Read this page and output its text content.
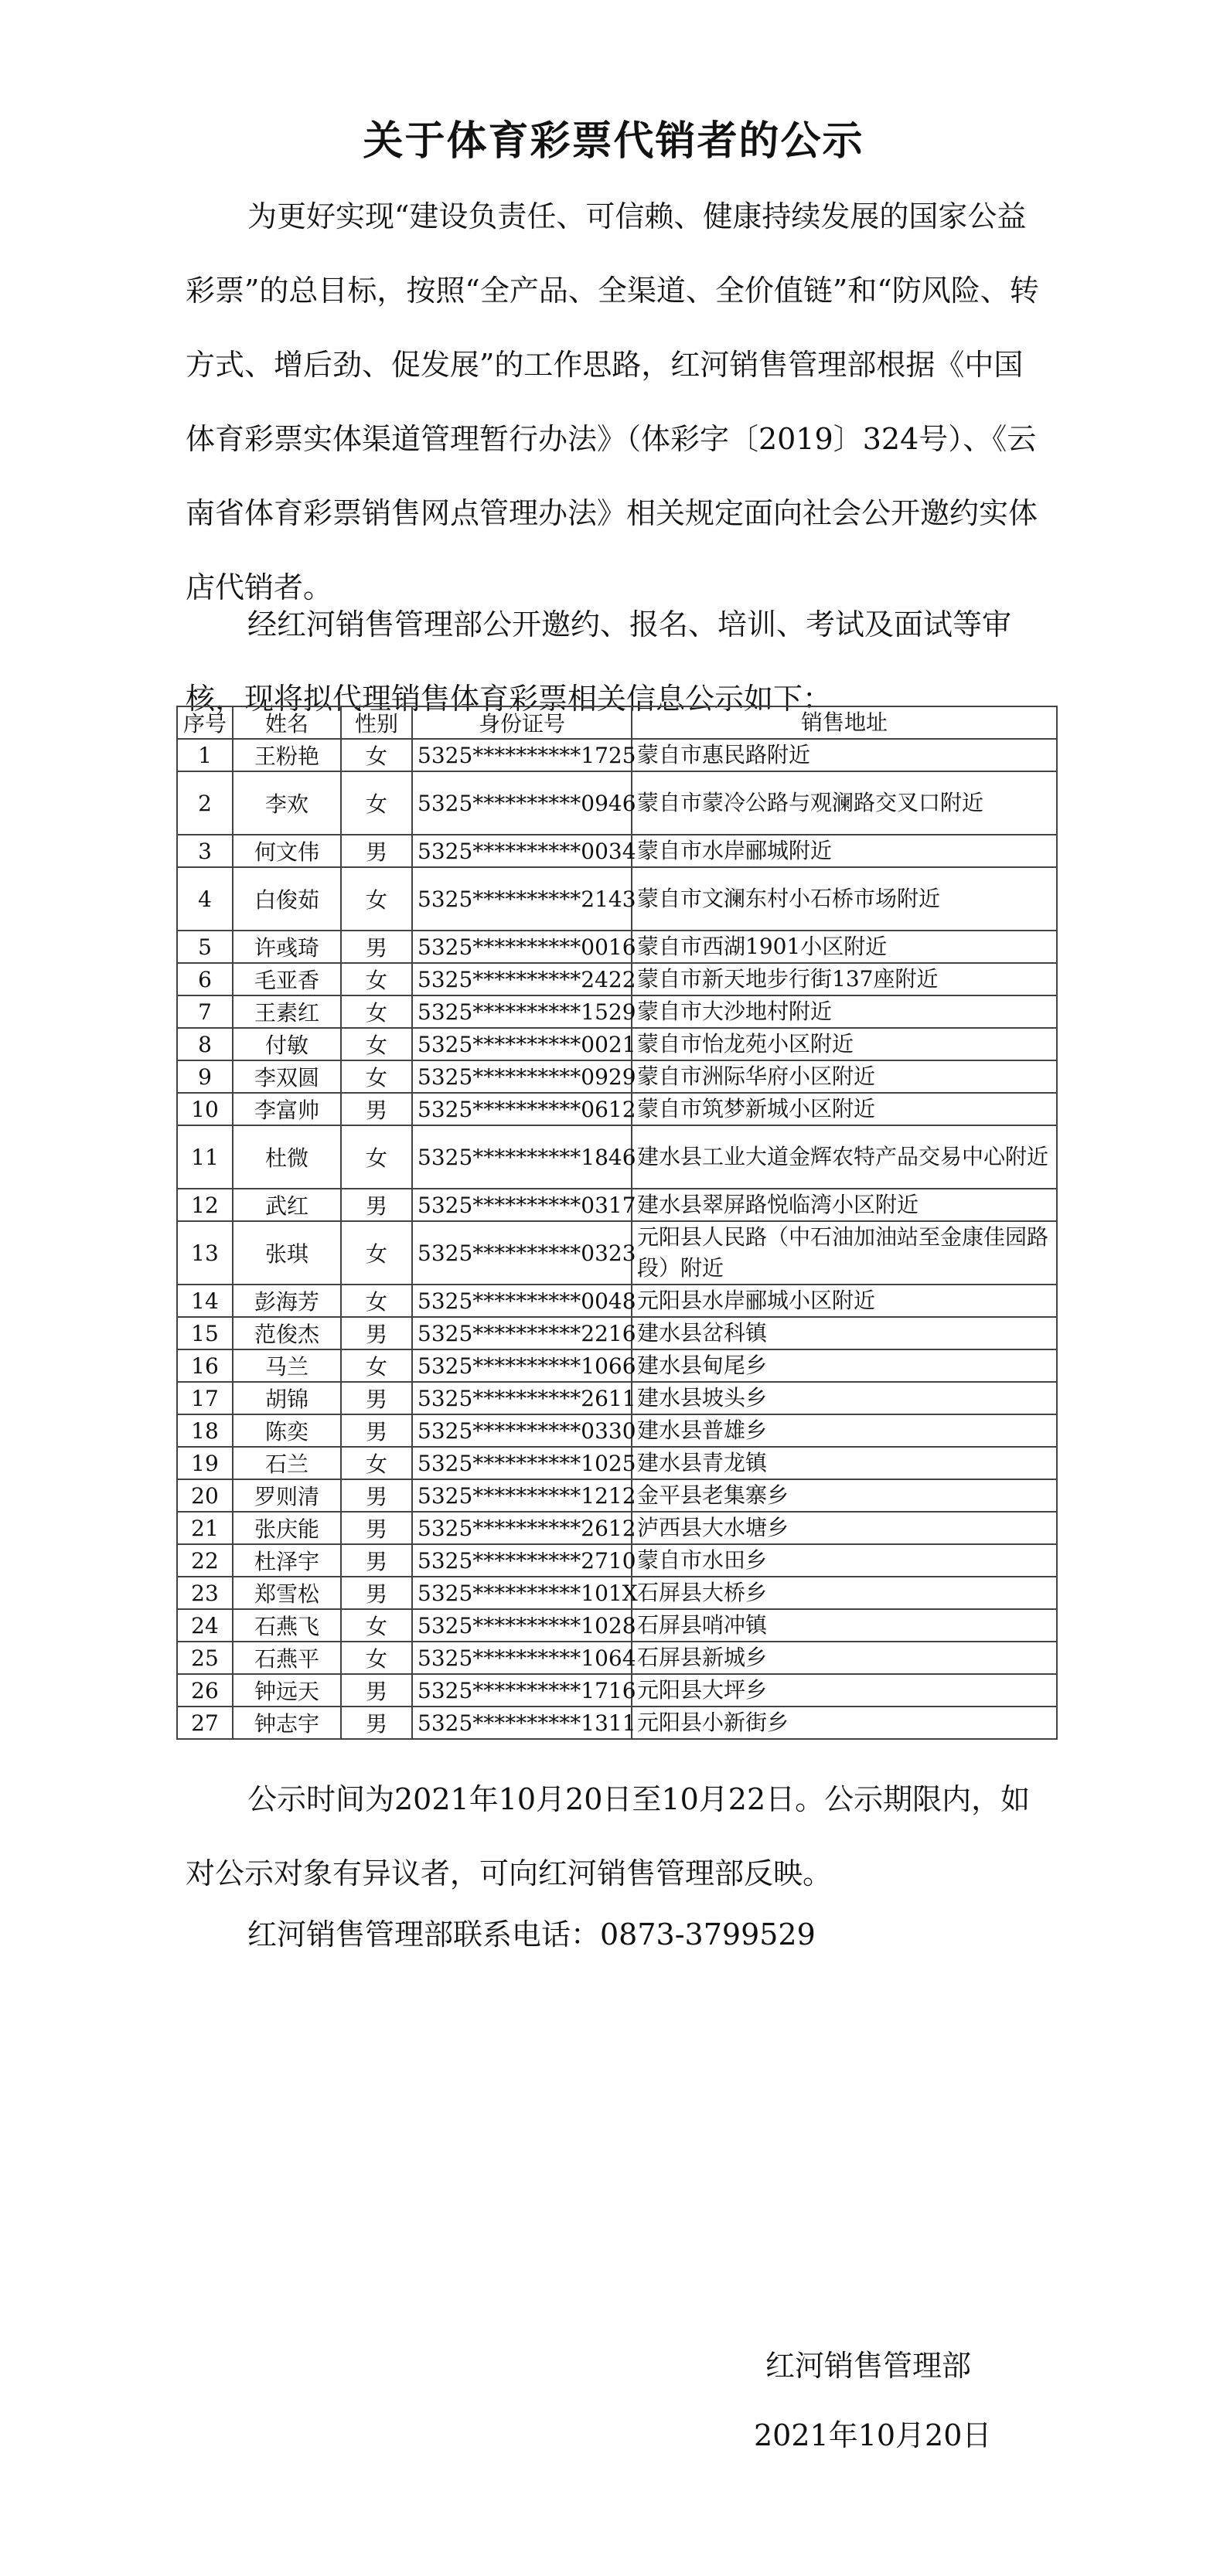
关于体育彩票代销者的公示

为更好实现“建设负责任、可信赖、健康持续发展的国家公益彩票”的总目标，按照“全产品、全渠道、全价值链”和“防风险、转方式、增后劲、促发展”的工作思路，红河销售管理部根据《中国体育彩票实体渠道管理暂行办法》（体彩字〔2019〕324号）、《云南省体育彩票销售网点管理办法》相关规定面向社会公开邀约实体店代销者。

经红河销售管理部公开邀约、报名、培训、考试及面试等审核，现将拟代理销售体育彩票相关信息公示如下：

序号	姓名	性别	身份证号	销售地址
1	王粉艳	女	5325**********1725	蒙自市惠民路附近
2	李欢	女	5325**********0946	蒙自市蒙冷公路与观澜路交叉口附近
3	何文伟	男	5325**********0034	蒙自市水岸郦城附近
4	白俊茹	女	5325**********2143	蒙自市文澜东村小石桥市场附近
5	许彧琦	男	5325**********0016	蒙自市西湖1901小区附近
6	毛亚香	女	5325**********2422	蒙自市新天地步行街137座附近
7	王素红	女	5325**********1529	蒙自市大沙地村附近
8	付敏	女	5325**********0021	蒙自市怡龙苑小区附近
9	李双圆	女	5325**********0929	蒙自市洲际华府小区附近
10	李富帅	男	5325**********0612	蒙自市筑梦新城小区附近
11	杜微	女	5325**********1846	建水县工业大道金辉农特产品交易中心附近
12	武红	男	5325**********0317	建水县翠屏路悦临湾小区附近
13	张琪	女	5325**********0323	元阳县人民路（中石油加油站至金康佳园路段）附近
14	彭海芳	女	5325**********0048	元阳县水岸郦城小区附近
15	范俊杰	男	5325**********2216	建水县岔科镇
16	马兰	女	5325**********1066	建水县甸尾乡
17	胡锦	男	5325**********2611	建水县坡头乡
18	陈奕	男	5325**********0330	建水县普雄乡
19	石兰	女	5325**********1025	建水县青龙镇
20	罗则清	男	5325**********1212	金平县老集寨乡
21	张庆能	男	5325**********2612	泸西县大水塘乡
22	杜泽宇	男	5325**********2710	蒙自市水田乡
23	郑雪松	男	5325**********101X	石屏县大桥乡
24	石燕飞	女	5325**********1028	石屏县哨冲镇
25	石燕平	女	5325**********1064	石屏县新城乡
26	钟远天	男	5325**********1716	元阳县大坪乡
27	钟志宇	男	5325**********1311	元阳县小新街乡

公示时间为2021年10月20日至10月22日。公示期限内，如对公示对象有异议者，可向红河销售管理部反映。

红河销售管理部联系电话：0873-3799529

红河销售管理部
2021年10月20日
